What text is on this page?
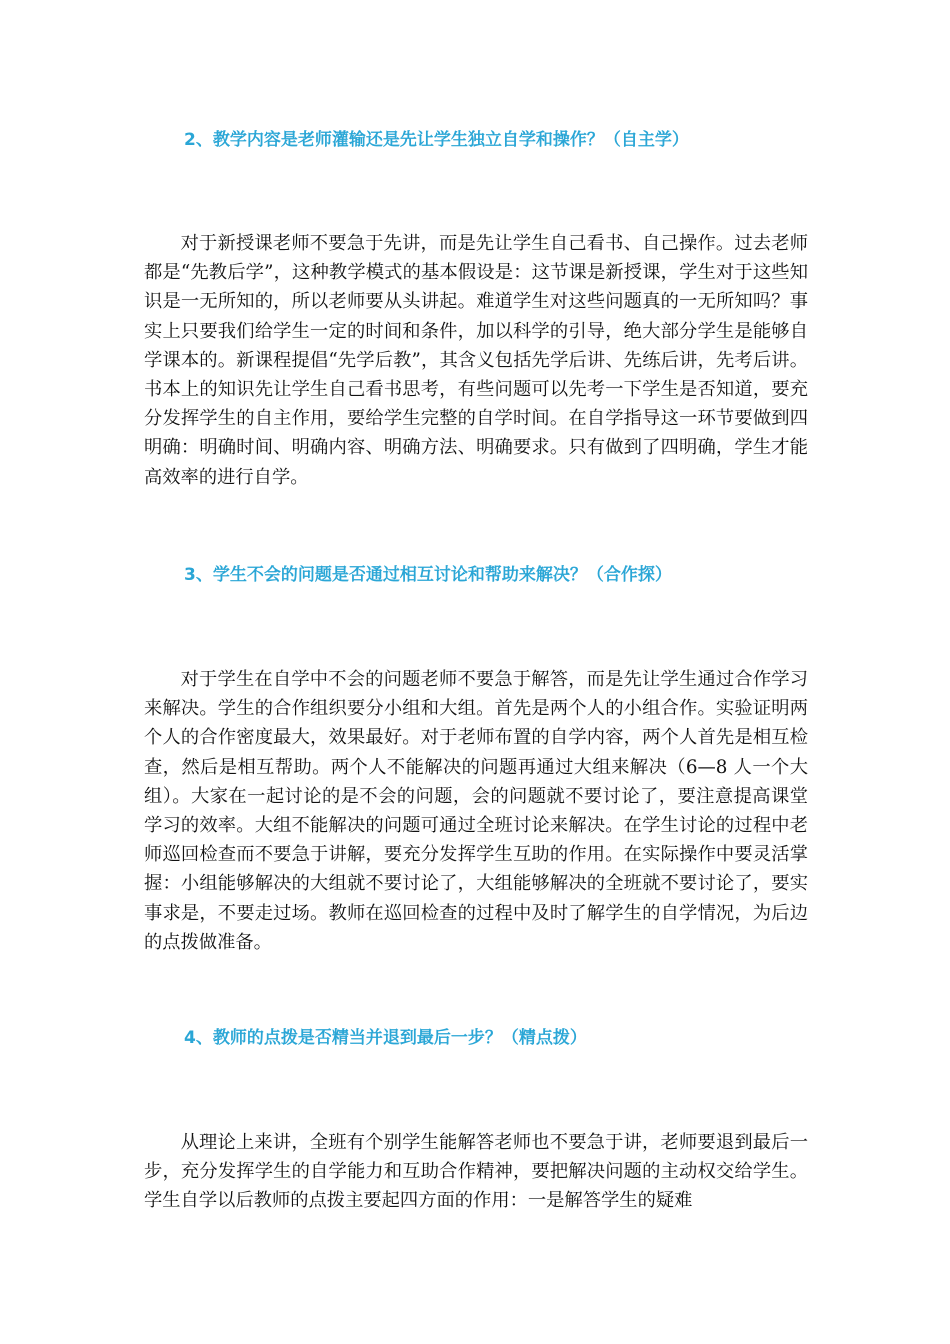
2、教学内容是老师灌输还是先让学生独立自学和操作？（自主学）

对于新授课老师不要急于先讲，而是先让学生自己看书、自己操作。过去老师都是“先教后学”，这种教学模式的基本假设是：这节课是新授课，学生对于这些知识是一无所知的，所以老师要从头讲起。难道学生对这些问题真的一无所知吗？事实上只要我们给学生一定的时间和条件，加以科学的引导，绝大部分学生是能够自学课本的。新课程提倡“先学后教”，其含义包括先学后讲、先练后讲，先考后讲。书本上的知识先让学生自己看书思考，有些问题可以先考一下学生是否知道，要充分发挥学生的自主作用，要给学生完整的自学时间。在自学指导这一环节要做到四明确：明确时间、明确内容、明确方法、明确要求。只有做到了四明确，学生才能高效率的进行自学。

3、学生不会的问题是否通过相互讨论和帮助来解决？（合作探）

对于学生在自学中不会的问题老师不要急于解答，而是先让学生通过合作学习来解决。学生的合作组织要分小组和大组。首先是两个人的小组合作。实验证明两个人的合作密度最大，效果最好。对于老师布置的自学内容，两个人首先是相互检查，然后是相互帮助。两个人不能解决的问题再通过大组来解决（6—8 人一个大组）。大家在一起讨论的是不会的问题，会的问题就不要讨论了，要注意提高课堂学习的效率。大组不能解决的问题可通过全班讨论来解决。在学生讨论的过程中老师巡回检查而不要急于讲解，要充分发挥学生互助的作用。在实际操作中要灵活掌握：小组能够解决的大组就不要讨论了，大组能够解决的全班就不要讨论了，要实事求是，不要走过场。教师在巡回检查的过程中及时了解学生的自学情况，为后边的点拨做准备。

4、教师的点拨是否精当并退到最后一步？（精点拨）

从理论上来讲，全班有个别学生能解答老师也不要急于讲，老师要退到最后一步，充分发挥学生的自学能力和互助合作精神，要把解决问题的主动权交给学生。学生自学以后教师的点拨主要起四方面的作用：一是解答学生的疑难
